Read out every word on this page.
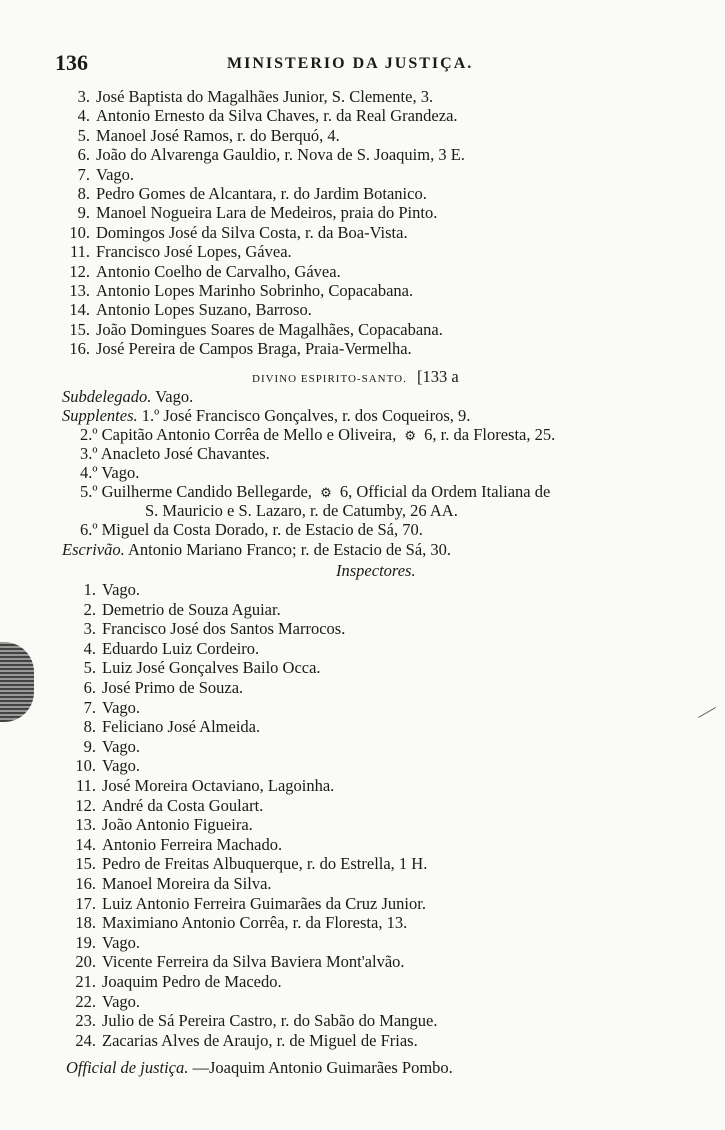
136	MINISTERIO DA JUSTIÇA.
3. José Baptista do Magalhães Junior, S. Clemente, 3.
4. Antonio Ernesto da Silva Chaves, r. da Real Grandeza.
5. Manoel José Ramos, r. do Berquó, 4.
6. João do Alvarenga Gauldio, r. Nova de S. Joaquim, 3 E.
7. Vago.
8. Pedro Gomes de Alcantara, r. do Jardim Botanico.
9. Manoel Nogueira Lara de Medeiros, praia do Pinto.
10. Domingos José da Silva Costa, r. da Boa-Vista.
11. Francisco José Lopes, Gávea.
12. Antonio Coelho de Carvalho, Gávea.
13. Antonio Lopes Marinho Sobrinho, Copacabana.
14. Antonio Lopes Suzano, Barroso.
15. João Domingues Soares de Magalhães, Copacabana.
16. José Pereira de Campos Braga, Praia-Vermelha.
DIVINO ESPIRITO-SANTO. [133 a
Subdelegado. Vago.
Supplentes. 1.º José Francisco Gonçalves, r. dos Coqueiros, 9.
2.º Capitão Antonio Corrêa de Mello e Oliveira, ⚙ 6, r. da Floresta, 25.
3.º Anacleto José Chavantes.
4.º Vago.
5.º Guilherme Candido Bellegarde, ⚙ 6, Official da Ordem Italiana de
S. Mauricio e S. Lazaro, r. de Catumby, 26 AA.
6.º Miguel da Costa Dorado, r. de Estacio de Sá, 70.
Escrivão. Antonio Mariano Franco; r. de Estacio de Sá, 30.
Inspectores.
1. Vago.
2. Demetrio de Souza Aguiar.
3. Francisco José dos Santos Marrocos.
4. Eduardo Luiz Cordeiro.
5. Luiz José Gonçalves Bailo Occa.
6. José Primo de Souza.
7. Vago.
8. Feliciano José Almeida.
9. Vago.
10. Vago.
11. José Moreira Octaviano, Lagoinha.
12. André da Costa Goulart.
13. João Antonio Figueira.
14. Antonio Ferreira Machado.
15. Pedro de Freitas Albuquerque, r. do Estrella, 1 H.
16. Manoel Moreira da Silva.
17. Luiz Antonio Ferreira Guimarães da Cruz Junior.
18. Maximiano Antonio Corrêa, r. da Floresta, 13.
19. Vago.
20. Vicente Ferreira da Silva Baviera Mont'alvão.
21. Joaquim Pedro de Macedo.
22. Vago.
23. Julio de Sá Pereira Castro, r. do Sabão do Mangue.
24. Zacarias Alves de Araujo, r. de Miguel de Frias.
Official de justiça. —Joaquim Antonio Guimarães Pombo.
